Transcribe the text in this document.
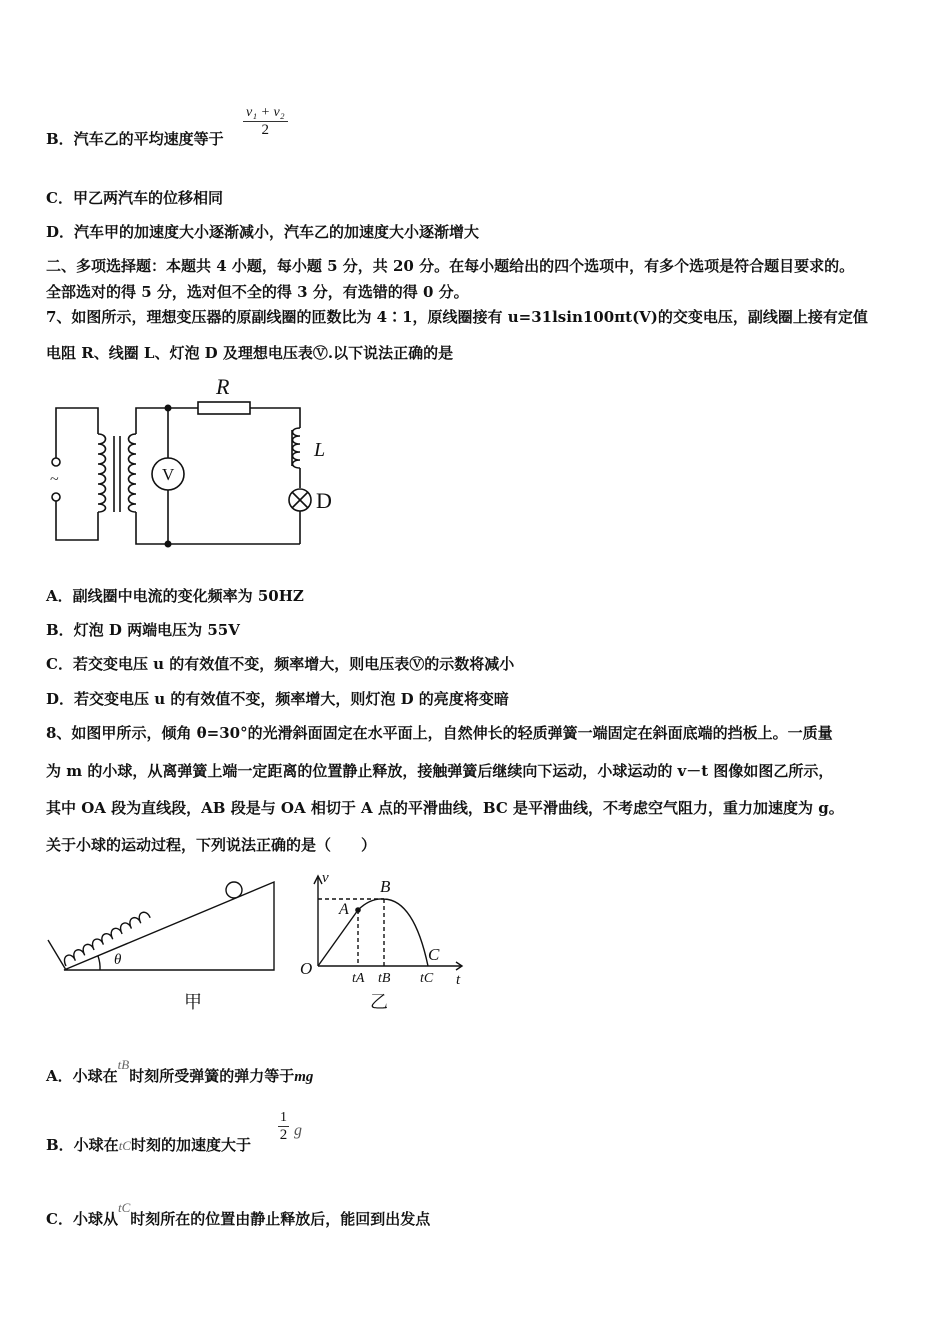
B．汽车乙的平均速度等于 $\frac{\text{v₁ + v₂}}{2}$
C．甲乙两汽车的位移相同
D．汽车甲的加速度大小逐渐减小，汽车乙的加速度大小逐渐增大
二、多项选择题：本题共 4 小题，每小题 5 分，共 20 分。在每小题给出的四个选项中，有多个选项是符合题目要求的。
全部选对的得 5 分，选对但不全的得 3 分，有选错的得 0 分。
7、如图所示，理想变压器的原副线圈的匝数比为 4∶1，原线圈接有 u=31lsin100πt(V)的交变电压，副线圈上接有定值
电阻 R、线圈 L、灯泡 D 及理想电压表Ⓥ.以下说法正确的是
~	V
R
L
D
A．副线圈中电流的变化频率为 50HZ
B．灯泡 D 两端电压为 55V
C．若交变电压 u 的有效值不变，频率增大，则电压表Ⓥ的示数将减小
D．若交变电压 u 的有效值不变，频率增大，则灯泡 D 的亮度将变暗
8、如图甲所示，倾角 θ=30°的光滑斜面固定在水平面上，自然伸长的轻质弹簧一端固定在斜面底端的挡板上。一质量
为 m 的小球，从离弹簧上端一定距离的位置静止释放，接触弹簧后继续向下运动，小球运动的 v－t 图像如图乙所示，
其中 OA 段为直线段，AB 段是与 OA 相切于 A 点的平滑曲线，BC 是平滑曲线，不考虑空气阻力，重力加速度为 g。
关于小球的运动过程，下列说法正确的是（　　）
θ
甲
v
t
O
A
B
C
tA tB tC
乙
A．小球在$^{tB}$时刻所受弹簧的弹力等于mg
B．小球在tC时刻的加速度大于
$\frac{1}{2}$ g
C．小球从$^{tC}$时刻所在的位置由静止释放后，能回到出发点
